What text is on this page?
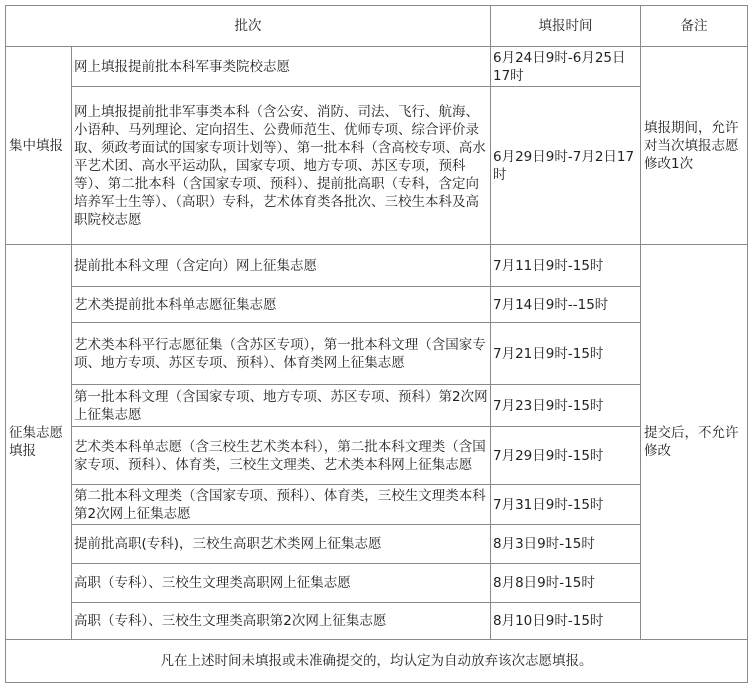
批次		填报时间	备注
集中填报	网上填报提前批本科军事类院校志愿	6月24日9时-6月25日17时	填报期间，允许对当次填报志愿修改1次
	网上填报提前批非军事类本科（含公安、消防、司法、飞行、航海、小语种、马列理论、定向招生、公费师范生、优师专项、综合评价录取、须政考面试的国家专项计划等）、第一批本科（含高校专项、高水平艺术团、高水平运动队，国家专项、地方专项、苏区专项，预科等）、第二批本科（含国家专项、预科）、提前批高职（专科，含定向培养军士生等）、（高职）专科，艺术体育类各批次、三校生本科及高职院校志愿	6月29日9时-7月2日17时	
征集志愿填报	提前批本科文理（含定向）网上征集志愿	7月11日9时-15时	提交后，不允许修改
	艺术类提前批本科单志愿征集志愿	7月14日9时--15时	
	艺术类本科平行志愿征集（含苏区专项），第一批本科文理（含国家专项、地方专项、苏区专项、预科）、体育类网上征集志愿	7月21日9时-15时	
	第一批本科文理（含国家专项、地方专项、苏区专项、预科）第2次网上征集志愿	7月23日9时-15时	
	艺术类本科单志愿（含三校生艺术类本科），第二批本科文理类（含国家专项、预科）、体育类，三校生文理类、艺术类本科网上征集志愿	7月29日9时-15时	
	第二批本科文理类（含国家专项、预科）、体育类，三校生文理类本科第2次网上征集志愿	7月31日9时-15时	
	提前批高职(专科)，三校生高职艺术类网上征集志愿	8月3日9时-15时	
	高职（专科）、三校生文理类高职网上征集志愿	8月8日9时-15时	
	高职（专科）、三校生文理类高职第2次网上征集志愿	8月10日9时-15时	
凡在上述时间未填报或未准确提交的，均认定为自动放弃该次志愿填报。			
